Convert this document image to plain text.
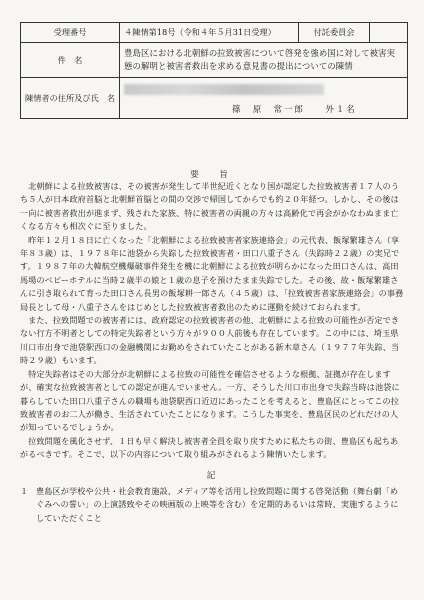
受理番号	４陳情第18号（令和４年５月31日受理）	付託委員会	
件　名	豊島区における北朝鮮の拉致被害について啓発を強め国に対して被害実態の解明と被害者救出を求める意見書の提出についての陳情		
陳情者の住所及び氏　名	篠　原　常一郎　　外１名		
要　旨

北朝鮮による拉致被害は、その被害が発生して半世紀近くとなり国が認定した拉致被害者１７人のうち５人が日本政府首脳と北朝鮮首脳との間の交渉で帰国してからでも約２０年経つ。しかし、その後は一向に被害者救出が進まず、残された家族、特に被害者の両親の方々は高齢化で再会がかなわぬまま亡くなる方々も相次ぐに至りました。

昨年１２月１８日に亡くなった「北朝鮮による拉致被害者家族連絡会」の元代表、飯塚繁雄さん（享年８３歳）は、１９７８年に池袋から失踪した拉致被害者・田口八重子さん（失踪時２２歳）の実兄です。１９８７年の大韓航空機爆破事件発生を機に北朝鮮による拉致が明らかになった田口さんは、高田馬場のベビーホテルに当時２歳半の娘と１歳の息子を預けたまま失踪でした。その後、故・飯塚繁雄さんに引き取られて育った田口さん長男の飯塚耕一郎さん（４５歳）は、「拉致被害者家族連絡会」の事務局長として母・八重子さんをはじめとした拉致被害者救出のために運動を続けておられます。

また、拉致問題での被害者には、政府認定の拉致被害者の他、北朝鮮による拉致の可能性が否定できない行方不明者としての特定失踪者という方々が９００人前後も存在しています。この中には、埼玉県川口市出身で池袋駅西口の金融機関にお勤めをされていたことがある新木章さん（１９７７年失踪、当時２９歳）もいます。

特定失踪者はその大部分が北朝鮮による拉致の可能性を確信させるような根拠、証拠が存在しますが、確実な拉致被害者としての認定が進んでいません。一方、そうした川口市出身で失踪当時は池袋に暮らしていた田口八重子さんの職場も池袋駅西口近辺にあったことを考えると、豊島区にとってこの拉致被害者のお二人が働き、生活されていたことになります。こうした事実を、豊島区民のどれだけの人が知っているでしょうか。

拉致問題を風化させず、１日も早く解決し被害者全員を取り戻すために私たちの街、豊島区も起ちあがるべきです。そこで、以下の内容について取り組みがされるよう陳情いたします。

記

１ 豊島区が学校や公共・社会教育施設、メディア等を活用し拉致問題に関する啓発活動（舞台劇「めぐみへの誓い」の上演誘致やその映画版の上映等を含む）を定期的あるいは常時、実施するようにしていただくこと
